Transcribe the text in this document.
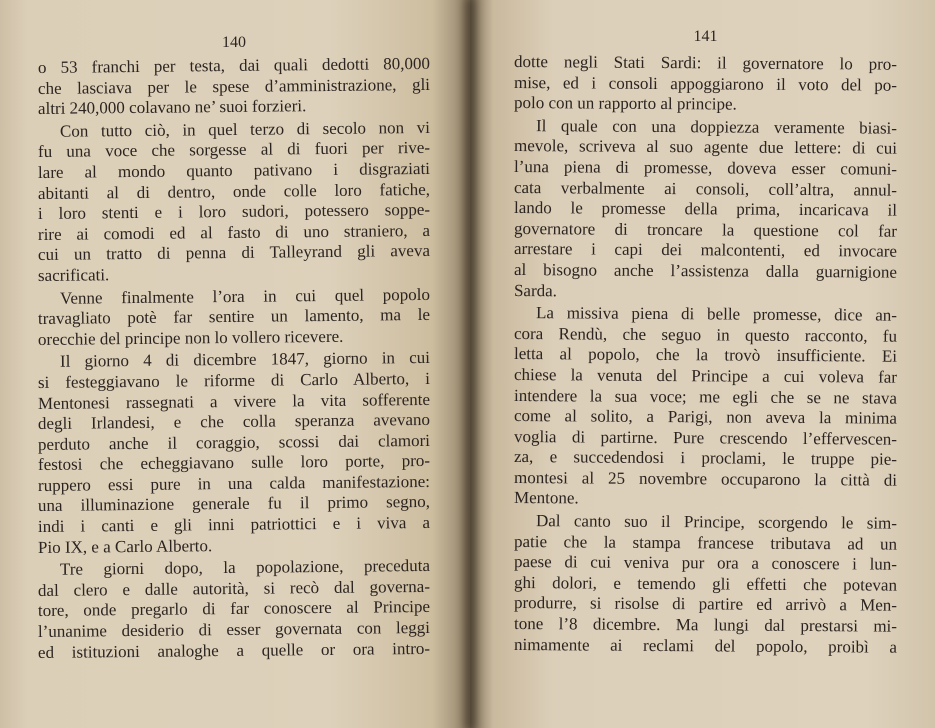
140
o 53 franchi per testa, dai quali dedotti 80,000
che lasciava per le spese d’amministrazione, gli
altri 240,000 colavano ne’ suoi forzieri.
Con tutto ciò, in quel terzo di secolo non vi
fu una voce che sorgesse al di fuori per rive-
lare al mondo quanto pativano i disgraziati
abitanti al di dentro, onde colle loro fatiche,
i loro stenti e i loro sudori, potessero soppe-
rire ai comodi ed al fasto di uno straniero, a
cui un tratto di penna di Talleyrand gli aveva
sacrificati.
Venne finalmente l’ora in cui quel popolo
travagliato potè far sentire un lamento, ma le
orecchie del principe non lo vollero ricevere.
Il giorno 4 di dicembre 1847, giorno in cui
si festeggiavano le riforme di Carlo Alberto, i
Mentonesi rassegnati a vivere la vita sofferente
degli Irlandesi, e che colla speranza avevano
perduto anche il coraggio, scossi dai clamori
festosi che echeggiavano sulle loro porte, pro-
ruppero essi pure in una calda manifestazione:
una illuminazione generale fu il primo segno,
indi i canti e gli inni patriottici e i viva a
Pio IX, e a Carlo Alberto.
Tre giorni dopo, la popolazione, preceduta
dal clero e dalle autorità, si recò dal governa-
tore, onde pregarlo di far conoscere al Principe
l’unanime desiderio di esser governata con leggi
ed istituzioni analoghe a quelle or ora intro-
141
dotte negli Stati Sardi: il governatore lo pro-
mise, ed i consoli appoggiarono il voto del po-
polo con un rapporto al principe.
Il quale con una doppiezza veramente biasi-
mevole, scriveva al suo agente due lettere: di cui
l’una piena di promesse, doveva esser comuni-
cata verbalmente ai consoli, coll’altra, annul-
lando le promesse della prima, incaricava il
governatore di troncare la questione col far
arrestare i capi dei malcontenti, ed invocare
al bisogno anche l’assistenza dalla guarnigione
Sarda.
La missiva piena di belle promesse, dice an-
cora Rendù, che seguo in questo racconto, fu
letta al popolo, che la trovò insufficiente. Ei
chiese la venuta del Principe a cui voleva far
intendere la sua voce; me egli che se ne stava
come al solito, a Parigi, non aveva la minima
voglia di partirne. Pure crescendo l’effervescen-
za, e succedendosi i proclami, le truppe pie-
montesi al 25 novembre occuparono la città di
Mentone.
Dal canto suo il Principe, scorgendo le sim-
patie che la stampa francese tributava ad un
paese di cui veniva pur ora a conoscere i lun-
ghi dolori, e temendo gli effetti che potevan
produrre, si risolse di partire ed arrivò a Men-
tone l’8 dicembre. Ma lungi dal prestarsi mi-
nimamente ai reclami del popolo, proibì a
